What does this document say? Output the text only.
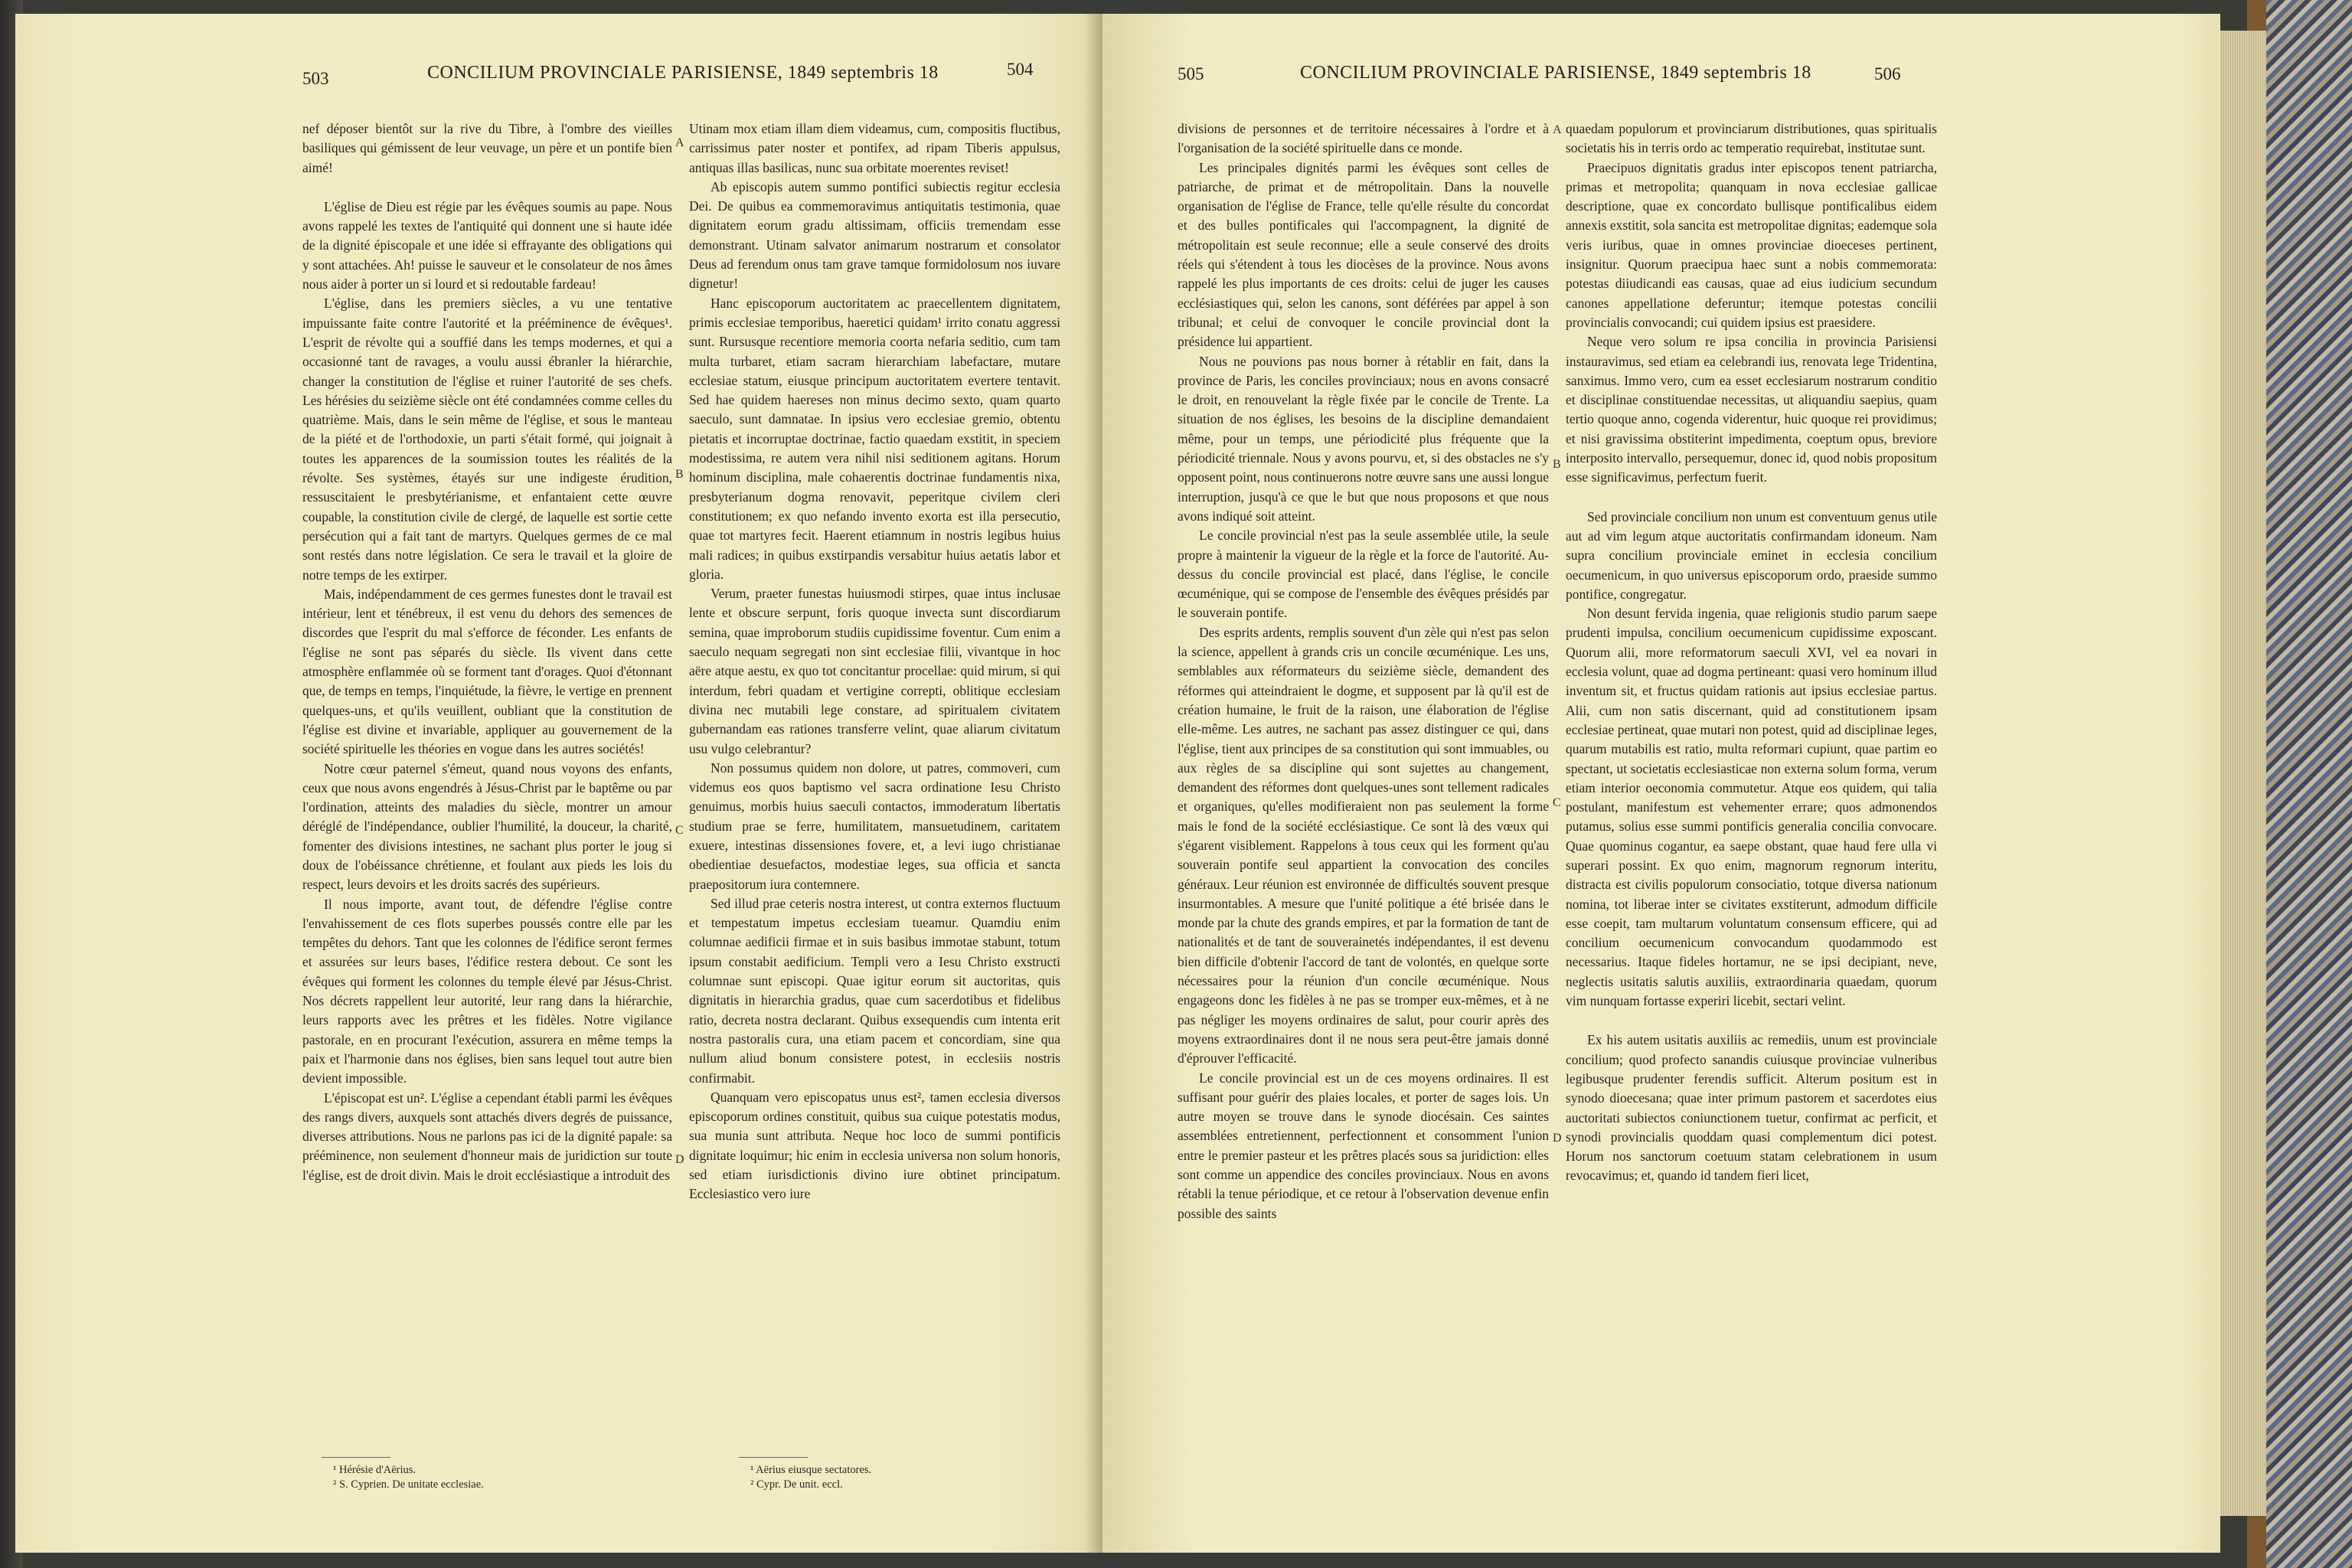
503	CONCILIUM PROVINCIALE PARISIENSE, 1849 septembris 18	504

nef déposer bientôt sur la rive du Tibre, à l'ombre des vieilles basiliques qui gémissent de leur veuvage, un père et un pontife bien aimé!

L'église de Dieu est régie par les évêques soumis au pape. Nous avons rappelé les textes de l'antiquité qui donnent une si haute idée de la dignité épiscopale et une idée si effrayante des obligations qui y sont attachées. Ah! puisse le sauveur et le consolateur de nos âmes nous aider à porter un si lourd et si redoutable fardeau!

L'église, dans les premiers siècles, a vu une tentative impuissante faite contre l'autorité et la prééminence de évêques¹. L'esprit de révolte qui a souffié dans les temps modernes, et qui a occasionné tant de ravages, a voulu aussi ébranler la hiérarchie, changer la constitution de l'église et ruiner l'autorité de ses chefs. Les hérésies du seizième siècle ont été condamnées comme celles du quatrième. Mais, dans le sein même de l'église, et sous le manteau de la piété et de l'orthodoxie, un parti s'était formé, qui joignait à toutes les apparences de la soumission toutes les réalités de la révolte. Ses systèmes, étayés sur une indigeste érudition, ressuscitaient le presbytérianisme, et enfantaient cette œuvre coupable, la constitution civile de clergé, de laquelle est sortie cette persécution qui a fait tant de martyrs. Quelques germes de ce mal sont restés dans notre législation. Ce sera le travail et la gloire de notre temps de les extirper.

Mais, indépendamment de ces germes funestes dont le travail est intérieur, lent et ténébreux, il est venu du dehors des semences de discordes que l'esprit du mal s'efforce de féconder. Les enfants de l'église ne sont pas séparés du siècle. Ils vivent dans cette atmosphère enflammée où se forment tant d'orages. Quoi d'étonnant que, de temps en temps, l'inquiétude, la fièvre, le vertige en prennent quelques-uns, et qu'ils veuillent, oubliant que la constitution de l'église est divine et invariable, appliquer au gouvernement de la société spirituelle les théories en vogue dans les autres sociétés!

Notre cœur paternel s'émeut, quand nous voyons des enfants, ceux que nous avons engendrés à Jésus-Christ par le baptême ou par l'ordination, atteints des maladies du siècle, montrer un amour déréglé de l'indépendance, oublier l'humilité, la douceur, la charité, fomenter des divisions intestines, ne sachant plus porter le joug si doux de l'obéissance chrétienne, et foulant aux pieds les lois du respect, leurs devoirs et les droits sacrés des supérieurs.

Il nous importe, avant tout, de défendre l'église contre l'envahissement de ces flots superbes poussés contre elle par les tempêtes du dehors. Tant que les colonnes de l'édifice seront fermes et assurées sur leurs bases, l'édifice restera debout. Ce sont les évêques qui forment les colonnes du temple élevé par Jésus-Christ. Nos décrets rappellent leur autorité, leur rang dans la hiérarchie, leurs rapports avec les prêtres et les fidèles. Notre vigilance pastorale, en en procurant l'exécution, assurera en même temps la paix et l'harmonie dans nos églises, bien sans lequel tout autre bien devient impossible.

L'épiscopat est un². L'église a cependant établi parmi les évêques des rangs divers, auxquels sont attachés divers degrés de puissance, diverses attributions. Nous ne parlons pas ici de la dignité papale: sa prééminence, non seulement d'honneur mais de juridiction sur toute l'église, est de droit divin. Mais le droit ecclésiastique a introduit des

A
B
C
D

Utinam mox etiam illam diem videamus, cum, compositis fluctibus, carrissimus pater noster et pontifex, ad ripam Tiberis appulsus, antiquas illas basilicas, nunc sua orbitate moerentes reviset!

Ab episcopis autem summo pontifici subiectis regitur ecclesia Dei. De quibus ea commemoravimus antiquitatis testimonia, quae dignitatem eorum gradu altissimam, officiis tremendam esse demonstrant. Utinam salvator animarum nostrarum et consolator Deus ad ferendum onus tam grave tamque formidolosum nos iuvare dignetur!

Hanc episcoporum auctoritatem ac praecellentem dignitatem, primis ecclesiae temporibus, haeretici quidam¹ irrito conatu aggressi sunt. Rursusque recentiore memoria coorta nefaria seditio, cum tam multa turbaret, etiam sacram hierarchiam labefactare, mutare ecclesiae statum, eiusque principum auctoritatem evertere tentavit. Sed hae quidem haereses non minus decimo sexto, quam quarto saeculo, sunt damnatae. In ipsius vero ecclesiae gremio, obtentu pietatis et incorruptae doctrinae, factio quaedam exstitit, in speciem modestissima, re autem vera nihil nisi seditionem agitans. Horum hominum disciplina, male cohaerentis doctrinae fundamentis nixa, presbyterianum dogma renovavit, peperitque civilem cleri constitutionem; ex quo nefando invento exorta est illa persecutio, quae tot martyres fecit. Haerent etiamnum in nostris legibus huius mali radices; in quibus exstirpandis versabitur huius aetatis labor et gloria.

Verum, praeter funestas huiusmodi stirpes, quae intus inclusae lente et obscure serpunt, foris quoque invecta sunt discordiarum semina, quae improborum studiis cupidissime foventur. Cum enim a saeculo nequam segregati non sint ecclesiae filii, vivantque in hoc aëre atque aestu, ex quo tot concitantur procellae: quid mirum, si qui interdum, febri quadam et vertigine correpti, oblitique ecclesiam divina nec mutabili lege constare, ad spiritualem civitatem gubernandam eas rationes transferre velint, quae aliarum civitatum usu vulgo celebrantur?

Non possumus quidem non dolore, ut patres, commoveri, cum videmus eos quos baptismo vel sacra ordinatione Iesu Christo genuimus, morbis huius saeculi contactos, immoderatum libertatis studium prae se ferre, humilitatem, mansuetudinem, caritatem exuere, intestinas dissensiones fovere, et, a levi iugo christianae obedientiae desuefactos, modestiae leges, sua officia et sancta praepositorum iura contemnere.

Sed illud prae ceteris nostra interest, ut contra externos fluctuum et tempestatum impetus ecclesiam tueamur. Quamdiu enim columnae aedificii firmae et in suis basibus immotae stabunt, totum ipsum constabit aedificium. Templi vero a Iesu Christo exstructi columnae sunt episcopi. Quae igitur eorum sit auctoritas, quis dignitatis in hierarchia gradus, quae cum sacerdotibus et fidelibus ratio, decreta nostra declarant. Quibus exsequendis cum intenta erit nostra pastoralis cura, una etiam pacem et concordiam, sine qua nullum aliud bonum consistere potest, in ecclesiis nostris confirmabit.

Quanquam vero episcopatus unus est², tamen ecclesia diversos episcoporum ordines constituit, quibus sua cuique potestatis modus, sua munia sunt attributa. Neque hoc loco de summi pontificis dignitate loquimur; hic enim in ecclesia universa non solum honoris, sed etiam iurisdictionis divino iure obtinet principatum. Ecclesiastico vero iure

¹ Hérésie d'Aërius.
² S. Cyprien. De unitate ecclesiae.
¹ Aërius eiusque sectatores.
² Cypr. De unit. eccl.
505	CONCILIUM PROVINCIALE PARISIENSE, 1849 septembris 18	506

divisions de personnes et de territoire nécessaires à l'ordre et à l'organisation de la société spirituelle dans ce monde.

Les principales dignités parmi les évêques sont celles de patriarche, de primat et de métropolitain. Dans la nouvelle organisation de l'église de France, telle qu'elle résulte du concordat et des bulles pontificales qui l'accompagnent, la dignité de métropolitain est seule reconnue; elle a seule conservé des droits réels qui s'étendent à tous les diocèses de la province. Nous avons rappelé les plus importants de ces droits: celui de juger les causes ecclésiastiques qui, selon les canons, sont déférées par appel à son tribunal; et celui de convoquer le concile provincial dont la présidence lui appartient.

Nous ne pouvions pas nous borner à rétablir en fait, dans la province de Paris, les conciles provinciaux; nous en avons consacré le droit, en renouvelant la règle fixée par le concile de Trente. La situation de nos églises, les besoins de la discipline demandaient même, pour un temps, une périodicité plus fréquente que la périodicité triennale. Nous y avons pourvu, et, si des obstacles ne s'y opposent point, nous continuerons notre œuvre sans une aussi longue interruption, jusqu'à ce que le but que nous proposons et que nous avons indiqué soit atteint.

Le concile provincial n'est pas la seule assemblée utile, la seule propre à maintenir la vigueur de la règle et la force de l'autorité. Au-dessus du concile provincial est placé, dans l'église, le concile œcuménique, qui se compose de l'ensemble des évêques présidés par le souverain pontife.

Des esprits ardents, remplis souvent d'un zèle qui n'est pas selon la science, appellent à grands cris un concile œcuménique. Les uns, semblables aux réformateurs du seizième siècle, demandent des réformes qui atteindraient le dogme, et supposent par là qu'il est de création humaine, le fruit de la raison, une élaboration de l'église elle-même. Les autres, ne sachant pas assez distinguer ce qui, dans l'église, tient aux principes de sa constitution qui sont immuables, ou aux règles de sa discipline qui sont sujettes au changement, demandent des réformes dont quelques-unes sont tellement radicales et organiques, qu'elles modifieraient non pas seulement la forme mais le fond de la société ecclésiastique. Ce sont là des vœux qui s'égarent visiblement. Rappelons à tous ceux qui les forment qu'au souverain pontife seul appartient la convocation des conciles généraux. Leur réunion est environnée de difficultés souvent presque insurmontables. A mesure que l'unité politique a été brisée dans le monde par la chute des grands empires, et par la formation de tant de nationalités et de tant de souverainetés indépendantes, il est devenu bien difficile d'obtenir l'accord de tant de volontés, en quelque sorte nécessaires pour la réunion d'un concile œcuménique. Nous engageons donc les fidèles à ne pas se tromper eux-mêmes, et à ne pas négliger les moyens ordinaires de salut, pour courir après des moyens extraordinaires dont il ne nous sera peut-être jamais donné d'éprouver l'efficacité.

Le concile provincial est un de ces moyens ordinaires. Il est suffisant pour guérir des plaies locales, et porter de sages lois. Un autre moyen se trouve dans le synode diocésain. Ces saintes assemblées entretiennent, perfectionnent et consomment l'union entre le premier pasteur et les prêtres placés sous sa juridiction: elles sont comme un appendice des conciles provinciaux. Nous en avons rétabli la tenue périodique, et ce retour à l'observation devenue enfin possible des saints

A
B
C
D

quaedam populorum et provinciarum distributiones, quas spiritualis societatis his in terris ordo ac temperatio requirebat, institutae sunt.

Praecipuos dignitatis gradus inter episcopos tenent patriarcha, primas et metropolita; quanquam in nova ecclesiae gallicae descriptione, quae ex concordato bullisque pontificalibus eidem annexis exstitit, sola sancita est metropolitae dignitas; eademque sola veris iuribus, quae in omnes provinciae dioeceses pertinent, insignitur. Quorum praecipua haec sunt a nobis commemorata: potestas diiudicandi eas causas, quae ad eius iudicium secundum canones appellatione deferuntur; itemque potestas concilii provincialis convocandi; cui quidem ipsius est praesidere.

Neque vero solum re ipsa concilia in provincia Parisiensi instauravimus, sed etiam ea celebrandi ius, renovata lege Tridentina, sanximus. Immo vero, cum ea esset ecclesiarum nostrarum conditio et disciplinae constituendae necessitas, ut aliquandiu saepius, quam tertio quoque anno, cogenda viderentur, huic quoque rei providimus; et nisi gravissima obstiterint impedimenta, coeptum opus, breviore interposito intervallo, persequemur, donec id, quod nobis propositum esse significavimus, perfectum fuerit.

Sed provinciale concilium non unum est conventuum genus utile aut ad vim legum atque auctoritatis confirmandam idoneum. Nam supra concilium provinciale eminet in ecclesia concilium oecumenicum, in quo universus episcoporum ordo, praeside summo pontifice, congregatur.

Non desunt fervida ingenia, quae religionis studio parum saepe prudenti impulsa, concilium oecumenicum cupidissime exposcant. Quorum alii, more reformatorum saeculi XVI, vel ea novari in ecclesia volunt, quae ad dogma pertineant: quasi vero hominum illud inventum sit, et fructus quidam rationis aut ipsius ecclesiae partus. Alii, cum non satis discernant, quid ad constitutionem ipsam ecclesiae pertineat, quae mutari non potest, quid ad disciplinae leges, quarum mutabilis est ratio, multa reformari cupiunt, quae partim eo spectant, ut societatis ecclesiasticae non externa solum forma, verum etiam interior oeconomia commutetur. Atque eos quidem, qui talia postulant, manifestum est vehementer errare; quos admonendos putamus, solius esse summi pontificis generalia concilia convocare. Quae quominus cogantur, ea saepe obstant, quae haud fere ulla vi superari possint. Ex quo enim, magnorum regnorum interitu, distracta est civilis populorum consociatio, totque diversa nationum nomina, tot liberae inter se civitates exstiterunt, admodum difficile esse coepit, tam multarum voluntatum consensum efficere, qui ad concilium oecumenicum convocandum quodammodo est necessarius. Itaque fideles hortamur, ne se ipsi decipiant, neve, neglectis usitatis salutis auxiliis, extraordinaria quaedam, quorum vim nunquam fortasse experiri licebit, sectari velint.

Ex his autem usitatis auxiliis ac remediis, unum est provinciale concilium; quod profecto sanandis cuiusque provinciae vulneribus legibusque prudenter ferendis sufficit. Alterum positum est in synodo dioecesana; quae inter primum pastorem et sacerdotes eius auctoritati subiectos coniunctionem tuetur, confirmat ac perficit, et synodi provincialis quoddam quasi complementum dici potest. Horum nos sanctorum coetuum statam celebrationem in usum revocavimus; et, quando id tandem fieri licet,
